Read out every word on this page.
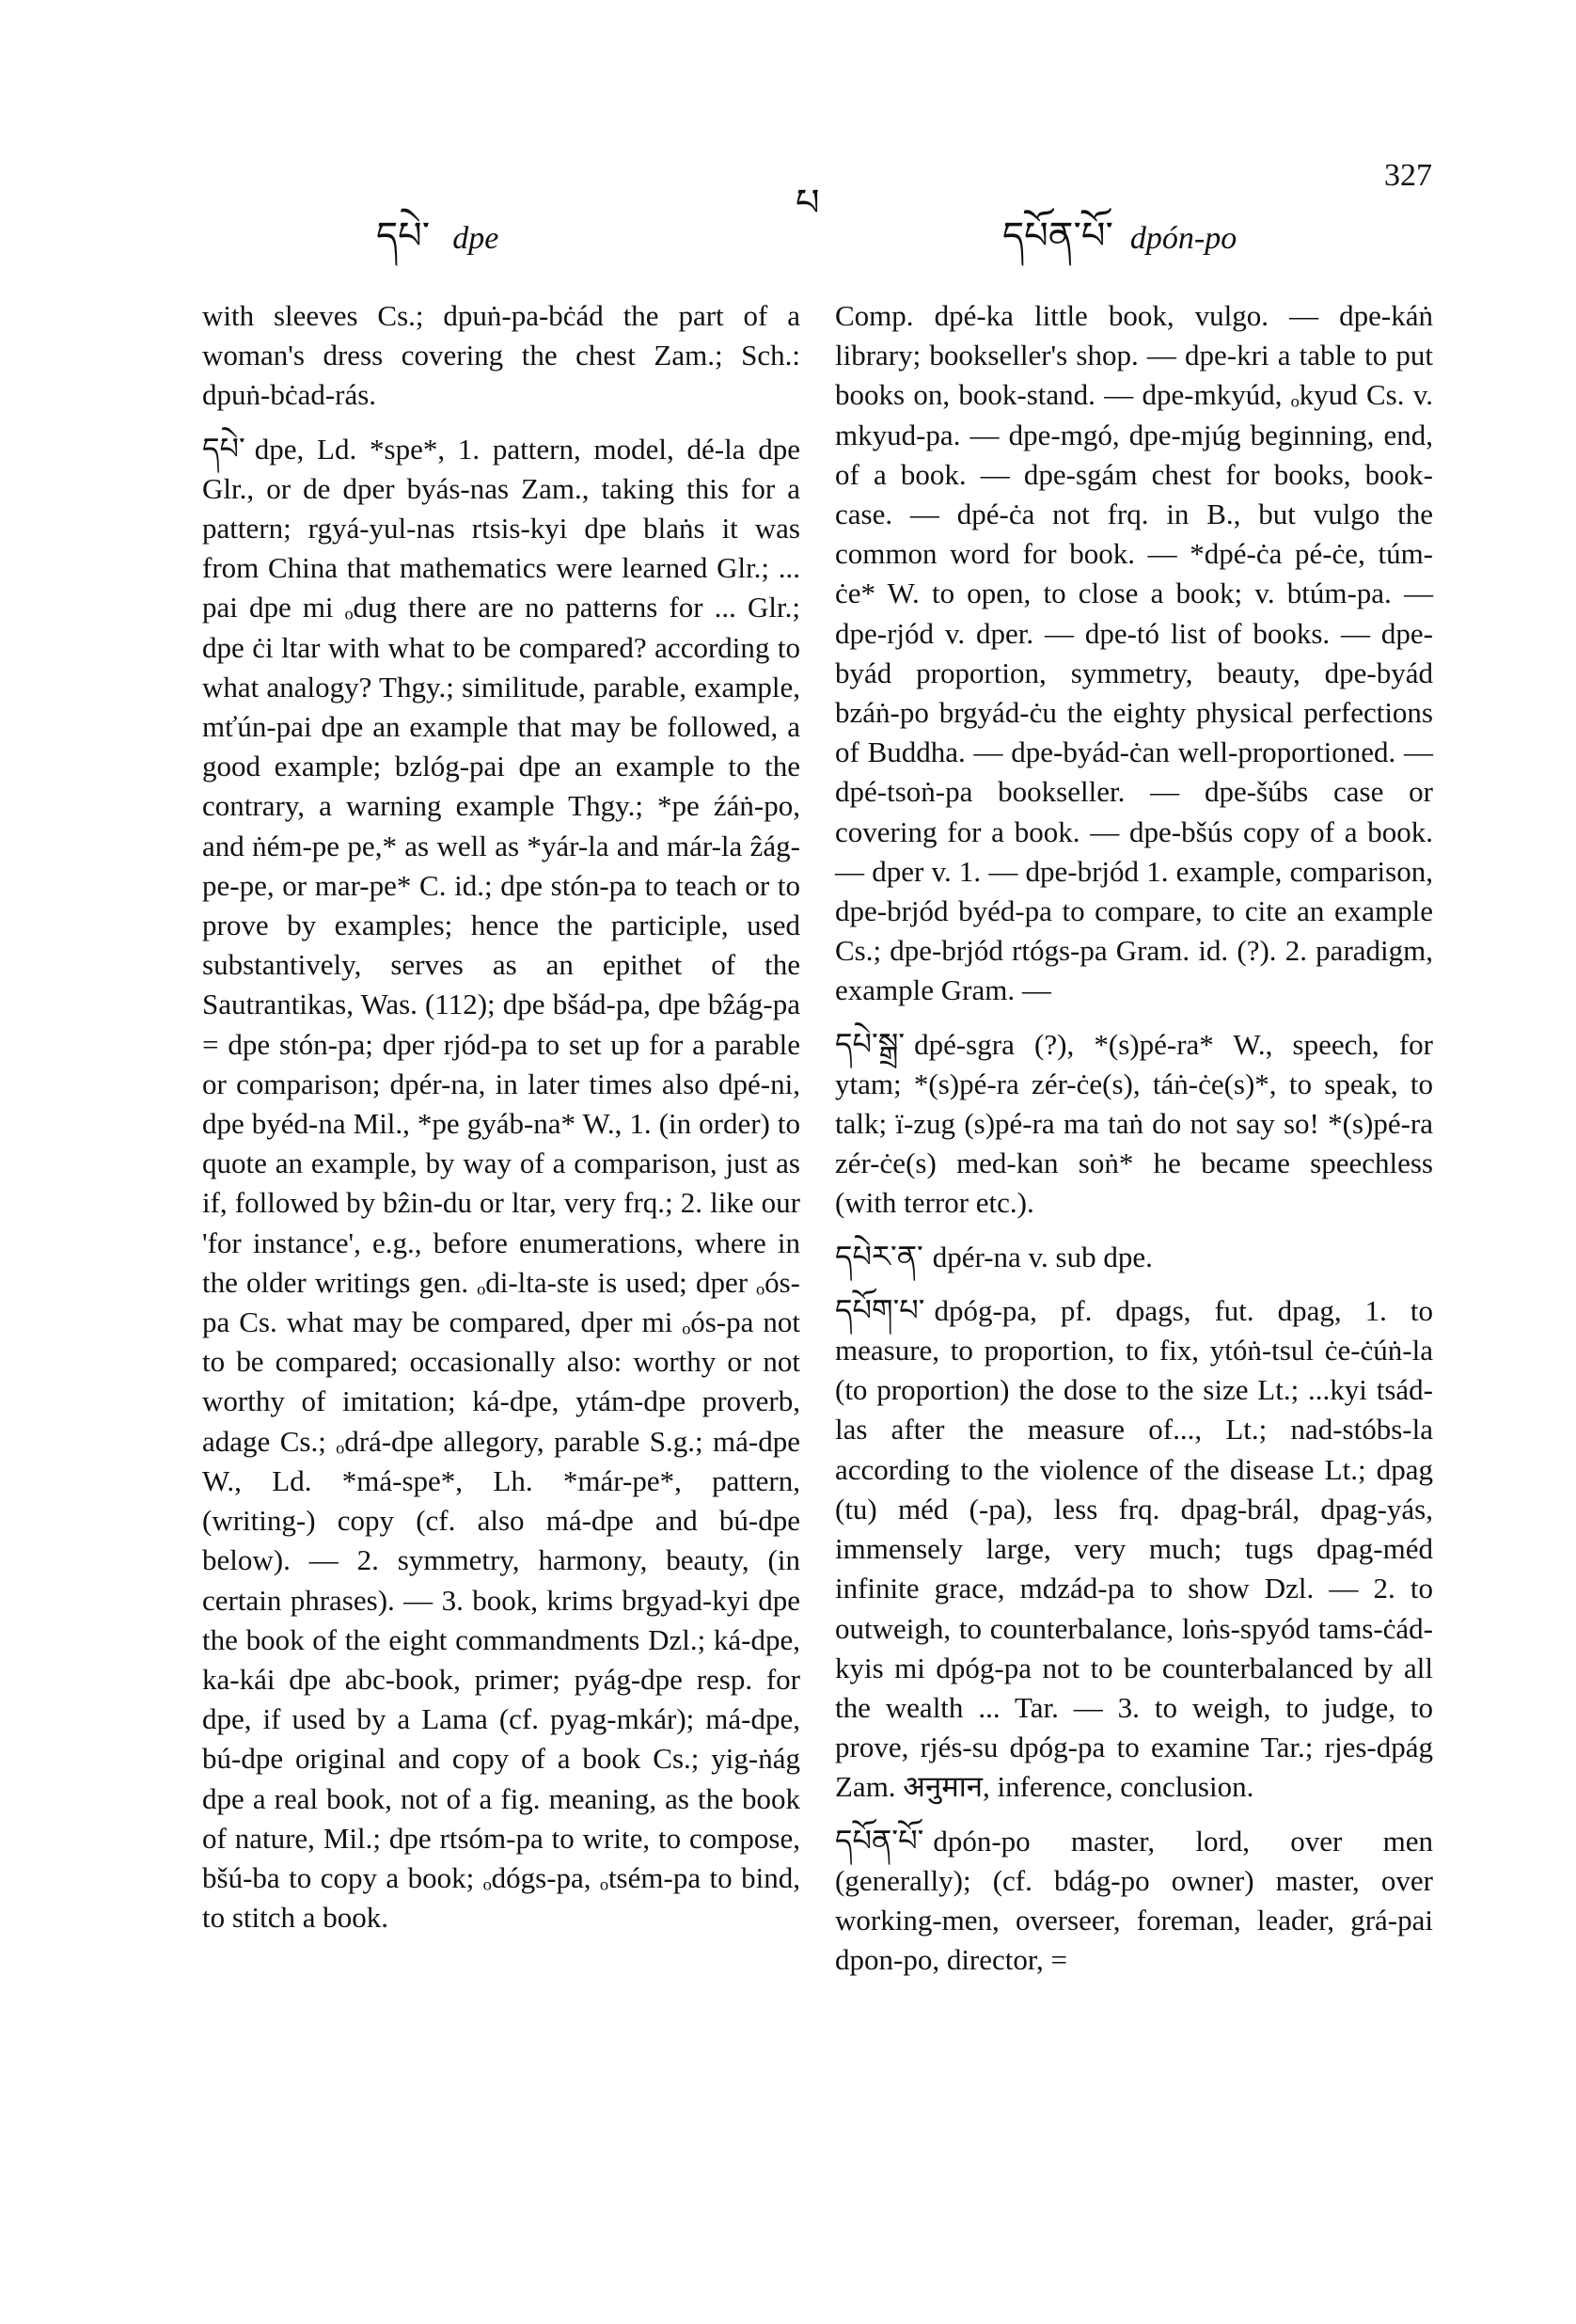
དཔེ་ dpe
པ
དཔོན་པོ་ dpón-po
327

with sleeves Cs.; dpuṅ-pa-bċád the part of a woman's dress covering the chest Zam.; Sch.: dpuṅ-bċad-rás.

དཔེ་ dpe, Ld. *spe*, 1. pattern, model, dé-la dpe Glr., or de dper byás-nas Zam., taking this for a pattern; rgyá-yul-nas rtsis-kyi dpe blaṅs it was from China that mathematics were learned Glr.; ... pai dpe mi ₒdug there are no patterns for ... Glr.; dpe ċi ltar with what to be compared? according to what analogy? Thgy.; similitude, parable, example, mťún-pai dpe an example that may be followed, a good example; bzlóg-pai dpe an example to the contrary, a warning example Thgy.; *pe źáṅ-po, and ṅém-pe pe,* as well as *yár-la and már-la ẑág-pe-pe, or mar-pe* C. id.; dpe stón-pa to teach or to prove by examples; hence the participle, used substantively, serves as an epithet of the Sautrantikas, Was. (112); dpe bšád-pa, dpe bẑág-pa = dpe stón-pa; dper rjód-pa to set up for a parable or comparison; dpér-na, in later times also dpé-ni, dpe byéd-na Mil., *pe gyáb-na* W., 1. (in order) to quote an example, by way of a comparison, just as if, followed by bẑin-du or ltar, very frq.; 2. like our 'for instance', e.g., before enumerations, where in the older writings gen. ₒdi-lta-ste is used; dper ₒós-pa Cs. what may be compared, dper mi ₒós-pa not to be compared; occasionally also: worthy or not worthy of imitation; ká-dpe, ytám-dpe proverb, adage Cs.; ₒdrá-dpe allegory, parable S.g.; má-dpe W., Ld. *má-spe*, Lh. *már-pe*, pattern, (writing-) copy (cf. also má-dpe and bú-dpe below). — 2. symmetry, harmony, beauty, (in certain phrases). — 3. book, krims brgyad-kyi dpe the book of the eight commandments Dzl.; ká-dpe, ka-kái dpe abc-book, primer; pyág-dpe resp. for dpe, if used by a Lama (cf. pyag-mkár); má-dpe, bú-dpe original and copy of a book Cs.; yig-ṅág dpe a real book, not of a fig. meaning, as the book of nature, Mil.; dpe rtsóm-pa to write, to compose, bšú-ba to copy a book; ₒdógs-pa, ₒtsém-pa to bind, to stitch a book.

Comp. dpé-ka little book, vulgo. — dpe-káṅ library; bookseller's shop. — dpe-kri a table to put books on, book-stand. — dpe-mkyúd, ₒkyud Cs. v. mkyud-pa. — dpe-mgó, dpe-mjúg beginning, end, of a book. — dpe-sgám chest for books, book-case. — dpé-ċa not frq. in B., but vulgo the common word for book. — *dpé-ċa pé-ċe, túm-ċe* W. to open, to close a book; v. btúm-pa. — dpe-rjód v. dper. — dpe-tó list of books. — dpe-byád proportion, symmetry, beauty, dpe-byád bzáṅ-po brgyád-ċu the eighty physical perfections of Buddha. — dpe-byád-ċan well-proportioned. — dpé-tsoṅ-pa bookseller. — dpe-šúbs case or covering for a book. — dpe-bšús copy of a book. — dper v. 1. — dpe-brjód 1. example, comparison, dpe-brjód byéd-pa to compare, to cite an example Cs.; dpe-brjód rtógs-pa Gram. id. (?). 2. paradigm, example Gram. —

དཔེ་སྒྲ་ dpé-sgra (?), *(s)pé-ra* W., speech, for ytam; *(s)pé-ra zér-ċe(s), táṅ-ċe(s)*, to speak, to talk; ï-zug (s)pé-ra ma taṅ do not say so! *(s)pé-ra zér-ċe(s) med-kan soṅ* he became speechless (with terror etc.).

དཔེར་ན་ dpér-na v. sub dpe.

དཔོག་པ་ dpóg-pa, pf. dpags, fut. dpag, 1. to measure, to proportion, to fix, ytóṅ-tsul ċe-ċúṅ-la (to proportion) the dose to the size Lt.; ...kyi tsád-las after the measure of..., Lt.; nad-stóbs-la according to the violence of the disease Lt.; dpag (tu) méd (-pa), less frq. dpag-brál, dpag-yás, immensely large, very much; tugs dpag-méd infinite grace, mdzád-pa to show Dzl. — 2. to outweigh, to counterbalance, loṅs-spyód tams-ċád-kyis mi dpóg-pa not to be counterbalanced by all the wealth ... Tar. — 3. to weigh, to judge, to prove, rjés-su dpóg-pa to examine Tar.; rjes-dpág Zam. अनुमान, inference, conclusion.

དཔོན་པོ་ dpón-po master, lord, over men (generally); (cf. bdág-po owner) master, over working-men, overseer, foreman, leader, grá-pai dpon-po, director, =
